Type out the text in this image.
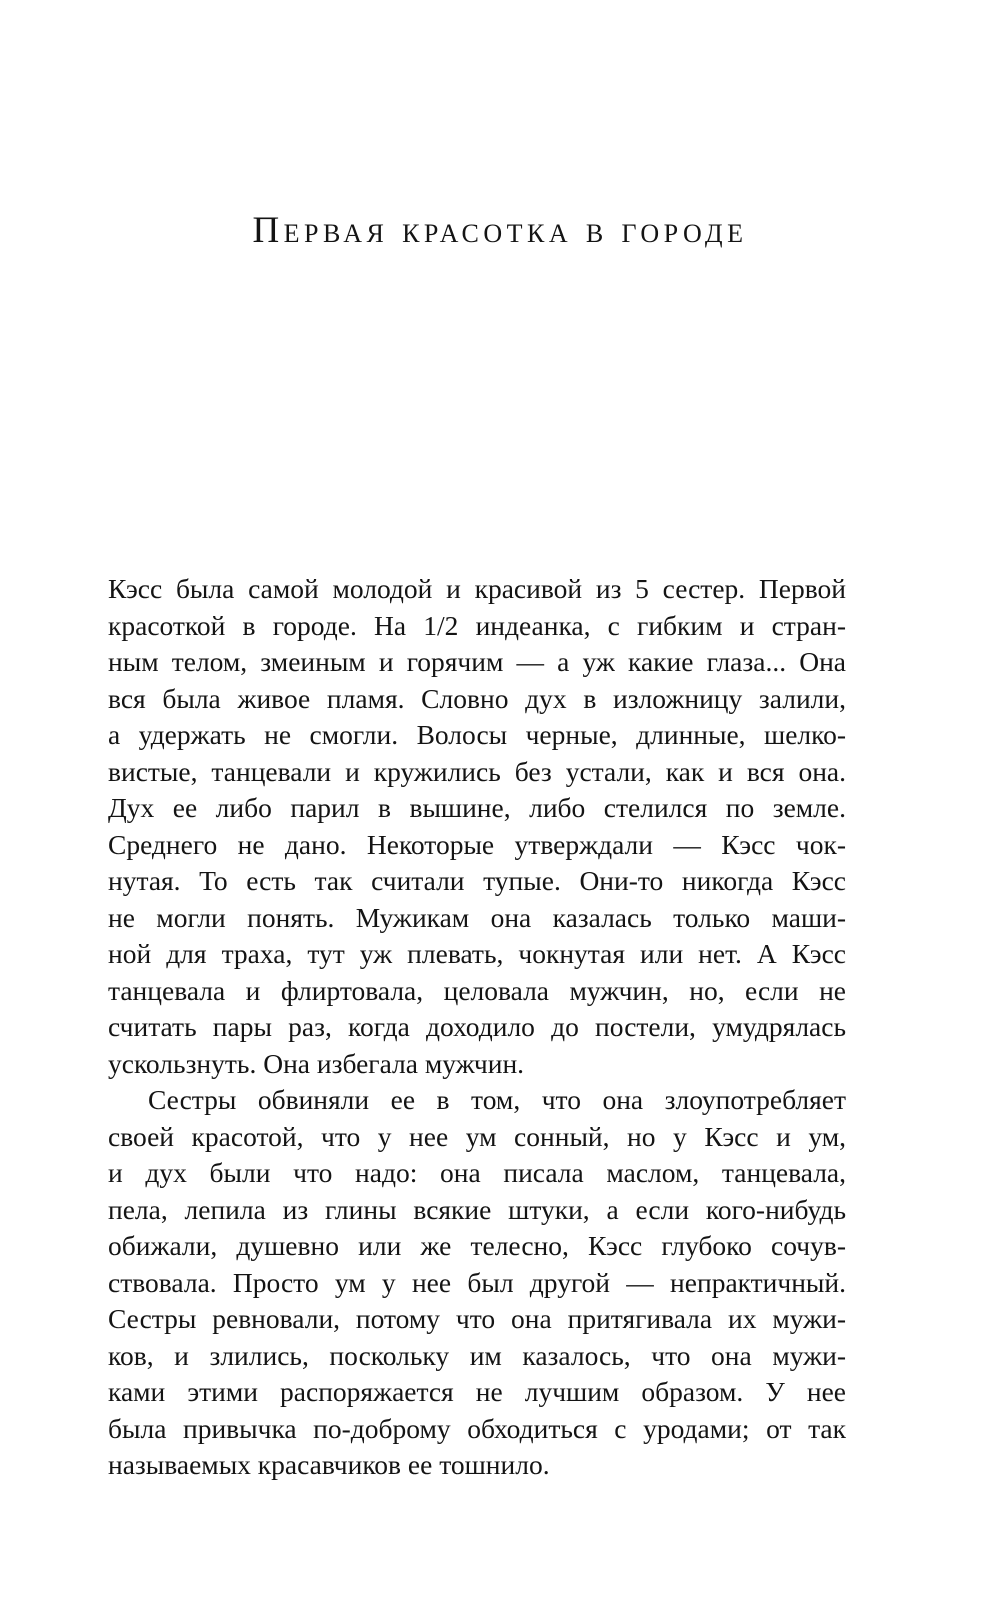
Первая красотка в городе
Кэсс была самой молодой и красивой из 5 сестер. Первой
красоткой в городе. На 1/2 индеанка, с гибким и стран-
ным телом, змеиным и горячим — а уж какие глаза... Она
вся была живое пламя. Словно дух в изложницу залили,
а удержать не смогли. Волосы черные, длинные, шелко-
вистые, танцевали и кружились без устали, как и вся она.
Дух ее либо парил в вышине, либо стелился по земле.
Среднего не дано. Некоторые утверждали — Кэсс чок-
нутая. То есть так считали тупые. Они-то никогда Кэсс
не могли понять. Мужикам она казалась только маши-
ной для траха, тут уж плевать, чокнутая или нет. А Кэсс
танцевала и флиртовала, целовала мужчин, но, если не
считать пары раз, когда доходило до постели, умудрялась
ускользнуть. Она избегала мужчин.
Сестры обвиняли ее в том, что она злоупотребляет
своей красотой, что у нее ум сонный, но у Кэсс и ум,
и дух были что надо: она писала маслом, танцевала,
пела, лепила из глины всякие штуки, а если кого-нибудь
обижали, душевно или же телесно, Кэсс глубоко сочув-
ствовала. Просто ум у нее был другой — непрактичный.
Сестры ревновали, потому что она притягивала их мужи-
ков, и злились, поскольку им казалось, что она мужи-
ками этими распоряжается не лучшим образом. У нее
была привычка по-доброму обходиться с уродами; от так
называемых красавчиков ее тошнило.
